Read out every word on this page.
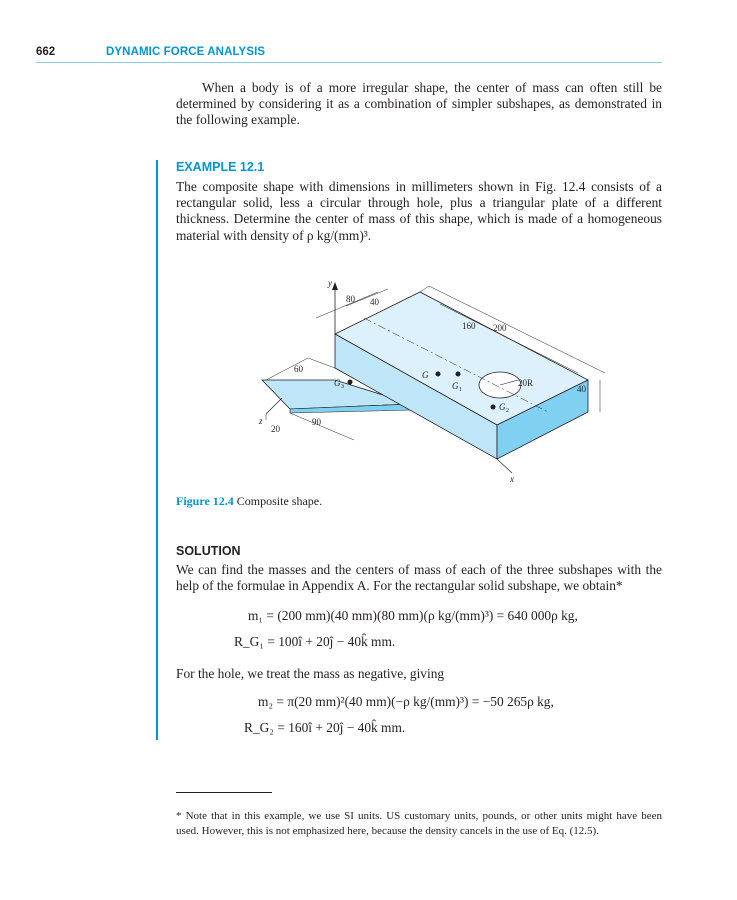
662	DYNAMIC FORCE ANALYSIS

When a body is of a more irregular shape, the center of mass can often still be determined by considering it as a combination of simpler subshapes, as demonstrated in the following example.

EXAMPLE 12.1

The composite shape with dimensions in millimeters shown in Fig. 12.4 consists of a rectangular solid, less a circular through hole, plus a triangular plate of a different thickness. Determine the center of mass of this shape, which is made of a homogeneous material with density of ρ kg/(mm)³.

y
x
z
80 40
160 200
40
20R
60
90
20
G
G 1
G 2
G 3
Figure 12.4 Composite shape.
SOLUTION

We can find the masses and the centers of mass of each of the three subshapes with the help of the formulae in Appendix A. For the rectangular solid subshape, we obtain*

m₁ = (200 mm)(40 mm)(80 mm)(ρ kg/(mm)³) = 640 000ρ kg,
R_G₁ = 100î + 20ĵ − 40k̂ mm.

For the hole, we treat the mass as negative, giving

m₂ = π(20 mm)²(40 mm)(−ρ kg/(mm)³) = −50 265ρ kg,
R_G₂ = 160î + 20ĵ − 40k̂ mm.

* Note that in this example, we use SI units. US customary units, pounds, or other units might have been used. However, this is not emphasized here, because the density cancels in the use of Eq. (12.5).
